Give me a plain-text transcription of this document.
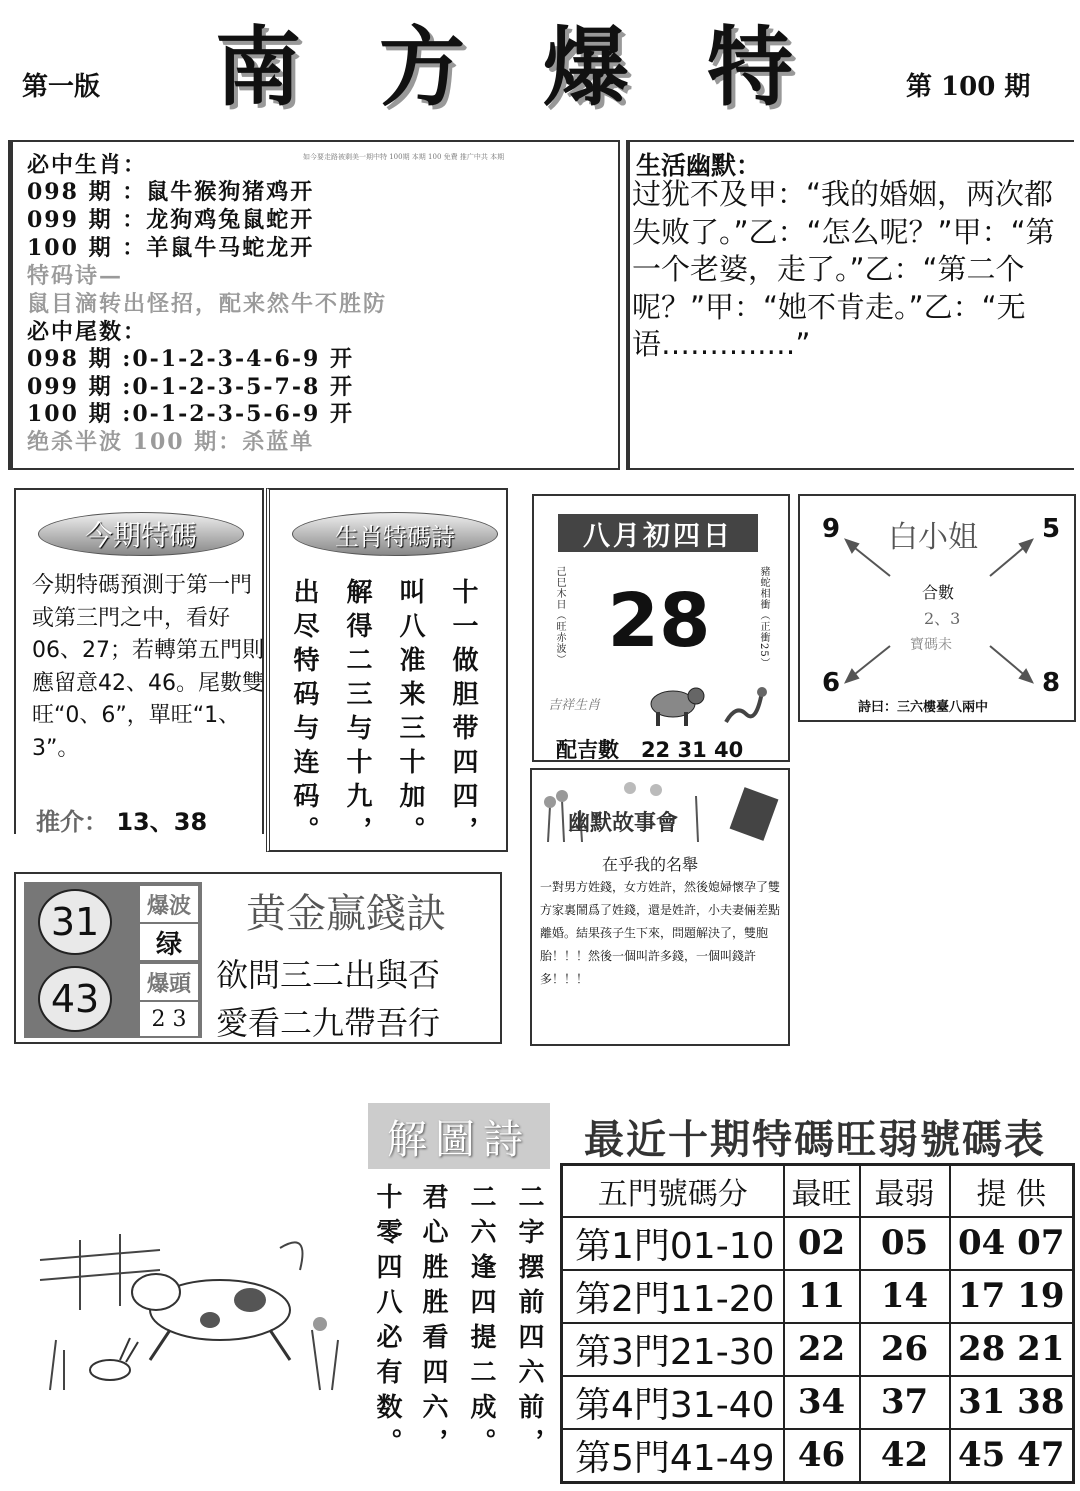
第一版 南 方 爆 特	第 100 期
如今要走路被剩美一期中特 100期 本期 100 免費 推广中共 本期
必中生肖：
098 期 ：鼠牛猴狗猪鸡开
099 期 ：龙狗鸡兔鼠蛇开
100 期 ：羊鼠牛马蛇龙开
特码诗—
鼠目滴转出怪招，配来然牛不胜防
必中尾数：
098 期 :0-1-2-3-4-6-9 开
099 期 :0-1-2-3-5-7-8 开
100 期 :0-1-2-3-5-6-9 开
绝杀半波 100 期：杀蓝单
生活幽默：
过犹不及甲：“我的婚姻，两次都失败了。”乙：“怎么呢？”甲：“第一个老婆，走了。”乙：“第二个呢？”甲：“她不肯走。”乙：“无语………..…”
今期特碼
今期特碼預測于第一門或第三門之中，看好06、27；若轉第五門則應留意42、46。尾數雙旺“0、6”，單旺“1、3”。
推介： 13、38
生肖特碼詩
十一做胆带四四，
叫八准来三十加。
解得二三与十九，
出尽特码与连码。
八月初四日
己巳木日（旺赤波） 28	豬蛇相衝（正衝25）
吉祥生肖
配吉數 22 31 40
9	5
6	8
白小姐
合數
2、3
寶碼未
詩曰：三六樓臺八兩中
幽默故事會
在乎我的名舉
一對男方姓錢，女方姓許，然後媳婦懷孕了雙方家裏鬧爲了姓錢，還是姓許，小夫妻倆差點離婚。結果孩子生下來，問題解決了，雙胞胎！！！然後一個叫許多錢，一個叫錢許多！！！
31
43
爆波
绿
爆頭
2 3
黄金赢錢訣
欲問三二出與否
愛看二九帶吾行
解圖詩
二字摆前四六前，
二六逢四提二成。
君心胜胜看四六，
十零四八必有数。
最近十期特碼旺弱號碼表
五門號碼分	最旺	最弱	提 供
第1門01-10	02	05	04 07
第2門11-20	11	14	17 19
第3門21-30	22	26	28 21
第4門31-40	34	37	31 38
第5門41-49	46	42	45 47
